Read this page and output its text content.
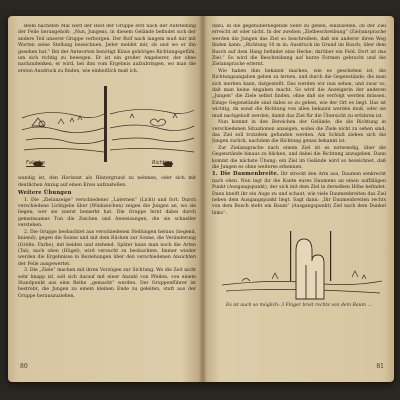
Beim nächsten Mal wird der Rest der Gruppe erst nach der Aufstellung der Feile herangeholt: „Nun, Jungens, in diesem Gelände befindet sich der andere Teil unserer Gruppe verborgen. Der Rolf nach langem muß mir mit Worten seine Stellung bezeichnen, Jeder meldet mir, ob und wo er ihn gesehen hat.“ Bei der Antworten benötigt Klaus gehöriges Richtungsgefühl, um sich richtig zu bewegen. Er ist ein großer Angeberer, der ohne nachzudenken, er wird, bei ihm vom Ergebnis aufzubringen, wo man die ersten Ausdruck zu finden, wie einheitlich muß ich.

Falsche	Richtige

wandig ist, den Horizont als Hintergrund zu nehmen, oder sich mit deutlichen Anzug auf einen Kreis aufzustellen.

Weitere Übungen

1. Die „Zielanzeige“ verschiedener „Laternen“ (Licht) und fort. Durch verschiedene Lichtgebe über (Winkzeichen) zeigen die Jungen an, wo sie liegen; wer sie zuerst bemerkt hat. Die Gruppe lernt dabei durch gemeinsames Tun die Zeichen und Anweisungen, die sie schneller verstehen.

2. Die Gruppe beobachtet aus verschiedenen Stellungen heraus (liegend, kniend), gegen die Sonne und mit dem Rücken zur Sonne, die Veränderung (Größe, Farbe), mit beiden und stehend. Später kann man noch die Arten (Tal), nach oben (Hügel), wird versucht zu beobachten. Immer wieder werden die Ergebnisse in Beziehungen über den verschiedenen Ansichten der Feile ausgewertet.

3. Die „Ziele“ machen mit ihren Vorzügen zur Sichtung. Wo die Zeit nicht sehr knapp ist, soll sich darauf mit einer Anzahl von Pfeilen, von einem Standpunkt aus eine Reihe „gemacht“ werden. Der Gruppenführer ist bestrebt, die Jungen zu einem kleinen Ende zu geleiten, statt aus der Gruppe herauszuziehen.

80

dazu, in die gegenüberliegende Seite zu gehen, einzusehen, ob der Ziel erreicht ist oder nicht. In der zweiten „Zielbeschreibung“ (Ziel)ansprache werden die Jungen das Ziel so beschreiben, daß ein anderer ihren Weg finden kann: „Richtung 10 m in: Ausdruck im Grund im Busch; über dem Busch auf dem Hang befindet eine Hecke; darüber ein Feld. Dort ist das Ziel.“ So wird die Beschreibung auf kurze Formen gebracht und die Zielansprache erlernt.

Wie haben ihm bekannt machen, wie es geschehen ist, die Richtungsangaben geben zu lernen, und durch die Gegenstände, die man sich merken kann, dargestellt. Das werden wir nun sehen, und zwar so, daß man keine Angaben macht. So wird die Anzeigerin der anderen „Jungen“ die Ziele selbst finden, ohne daß sie verfolgt werden müssen. Einige Gegenstände sind dabei so zu geben, wie der Ort es liegt. Das ist wichtig, da sonst die Richtung von allen bekannt werden muß, oder sie muß nachgeholt werden, damit das Ziel für die Übersicht zu erfahren ist.

Nun kommt in den Bereichen der Gelände, die die Richtung in verschiedenen Situationen anzeigen, wobei die Ziele nicht zu sehen sind; das Ziel soll trotzdem gefunden werden. Am Schluß ziehen sich die Jungen zurück, nachdem die Richtung genau bekannt ist.

Zur Zielansprache nach einem Ziel ist es notwendig, über die Gegenstände hinaus zu blicken, und dabei die Richtung anzugeben. Dann kommt die nächste Übung: ein Ziel im Gelände wird so bezeichnet, daß die Jungen es ohne weiteres erkennen.

1. Die Daumenbreite. Ihr streckt den Arm aus, Daumen senkrecht nach oben. Nun legt ihr die Kante eures Daumens an einen auffälligen Punkt (Ausgangspunkt), der sich mit dem Ziel in derselben Höhe befindet. Dann kneift ihr ein Auge zu und schaut, wie viele Daumenbreiten das Ziel neben dem Ausgangspunkt liegt. Sagt dann: „Ihr Daumenbreiten rechts von dem Busch steht ein Baum“ (Ausgangspunkt) Ziel nach dem Dunkel links“.

Es ist auch so möglich: 3 Finger breit rechts von dem Baum …

81
